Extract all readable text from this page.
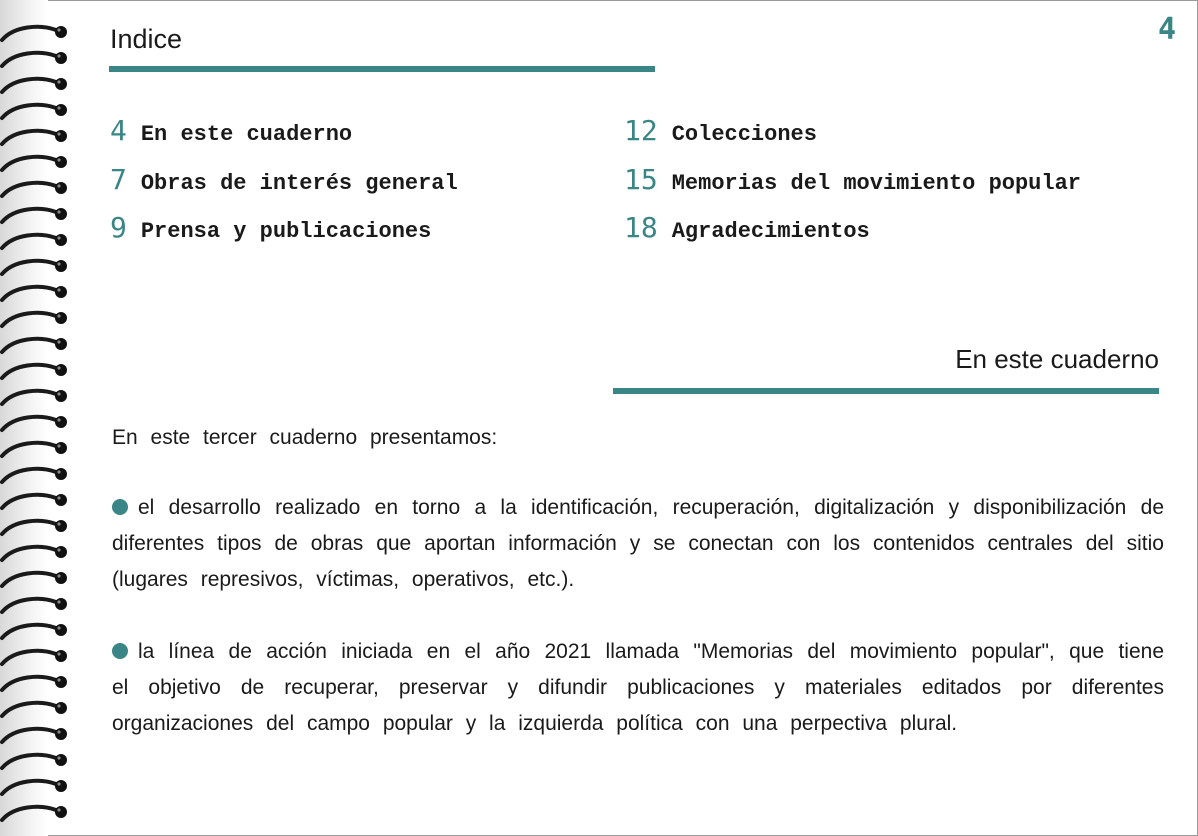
4
Indice
4 En este cuaderno
7 Obras de interés general
9 Prensa y publicaciones
12 Colecciones
15 Memorias del movimiento popular
18 Agradecimientos
En este cuaderno
En este tercer cuaderno presentamos:
el desarrollo realizado en torno a la identificación, recuperación, digitalización y disponibilización de diferentes tipos de obras que aportan información y se conectan con los contenidos centrales del sitio (lugares represivos, víctimas, operativos, etc.).
la línea de acción iniciada en el año 2021 llamada "Memorias del movimiento popular", que tiene el objetivo de recuperar, preservar y difundir publicaciones y materiales editados por diferentes organizaciones del campo popular y la izquierda política con una perpectiva plural.
